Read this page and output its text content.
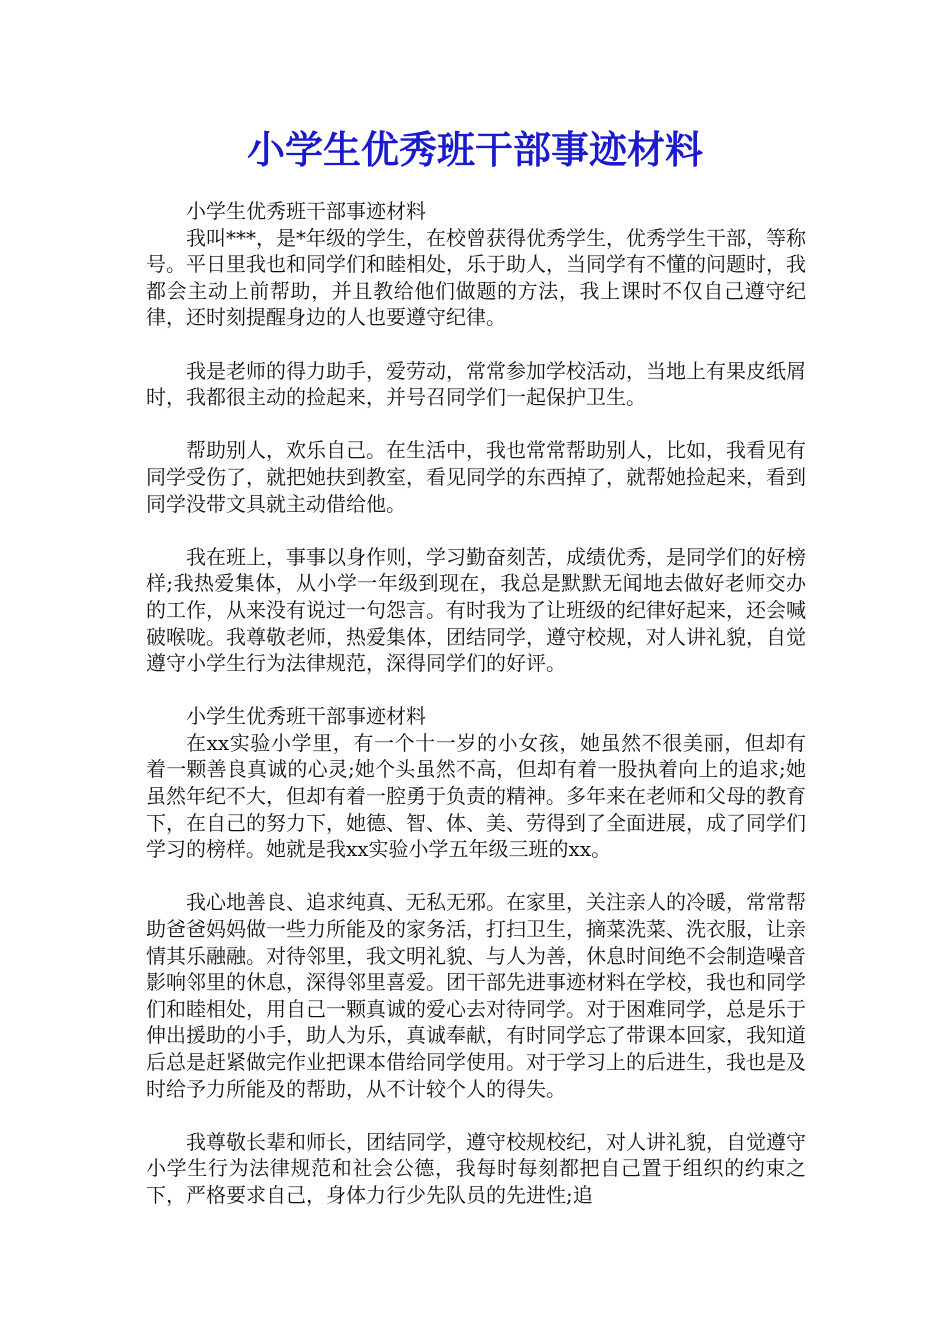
小学生优秀班干部事迹材料

小学生优秀班干部事迹材料

我叫***，是*年级的学生，在校曾获得优秀学生，优秀学生干部，等称号。平日里我也和同学们和睦相处，乐于助人，当同学有不懂的问题时，我都会主动上前帮助，并且教给他们做题的方法，我上课时不仅自己遵守纪律，还时刻提醒身边的人也要遵守纪律。

我是老师的得力助手，爱劳动，常常参加学校活动，当地上有果皮纸屑时，我都很主动的捡起来，并号召同学们一起保护卫生。

帮助别人，欢乐自己。在生活中，我也常常帮助别人，比如，我看见有同学受伤了，就把她扶到教室，看见同学的东西掉了，就帮她捡起来，看到同学没带文具就主动借给他。

我在班上，事事以身作则，学习勤奋刻苦，成绩优秀，是同学们的好榜样;我热爱集体，从小学一年级到现在，我总是默默无闻地去做好老师交办的工作，从来没有说过一句怨言。有时我为了让班级的纪律好起来，还会喊破喉咙。我尊敬老师，热爱集体，团结同学，遵守校规，对人讲礼貌，自觉遵守小学生行为法律规范，深得同学们的好评。

小学生优秀班干部事迹材料

在xx实验小学里，有一个十一岁的小女孩，她虽然不很美丽，但却有着一颗善良真诚的心灵;她个头虽然不高，但却有着一股执着向上的追求;她虽然年纪不大，但却有着一腔勇于负责的精神。多年来在老师和父母的教育下，在自己的努力下，她德、智、体、美、劳得到了全面进展，成了同学们学习的榜样。她就是我xx实验小学五年级三班的xx。

我心地善良、追求纯真、无私无邪。在家里，关注亲人的冷暖，常常帮助爸爸妈妈做一些力所能及的家务活，打扫卫生，摘菜洗菜、洗衣服，让亲情其乐融融。对待邻里，我文明礼貌、与人为善，休息时间绝不会制造噪音影响邻里的休息，深得邻里喜爱。团干部先进事迹材料在学校，我也和同学们和睦相处，用自己一颗真诚的爱心去对待同学。对于困难同学，总是乐于伸出援助的小手，助人为乐，真诚奉献，有时同学忘了带课本回家，我知道后总是赶紧做完作业把课本借给同学使用。对于学习上的后进生，我也是及时给予力所能及的帮助，从不计较个人的得失。

我尊敬长辈和师长，团结同学，遵守校规校纪，对人讲礼貌，自觉遵守小学生行为法律规范和社会公德，我每时每刻都把自己置于组织的约束之下，严格要求自己，身体力行少先队员的先进性;追
